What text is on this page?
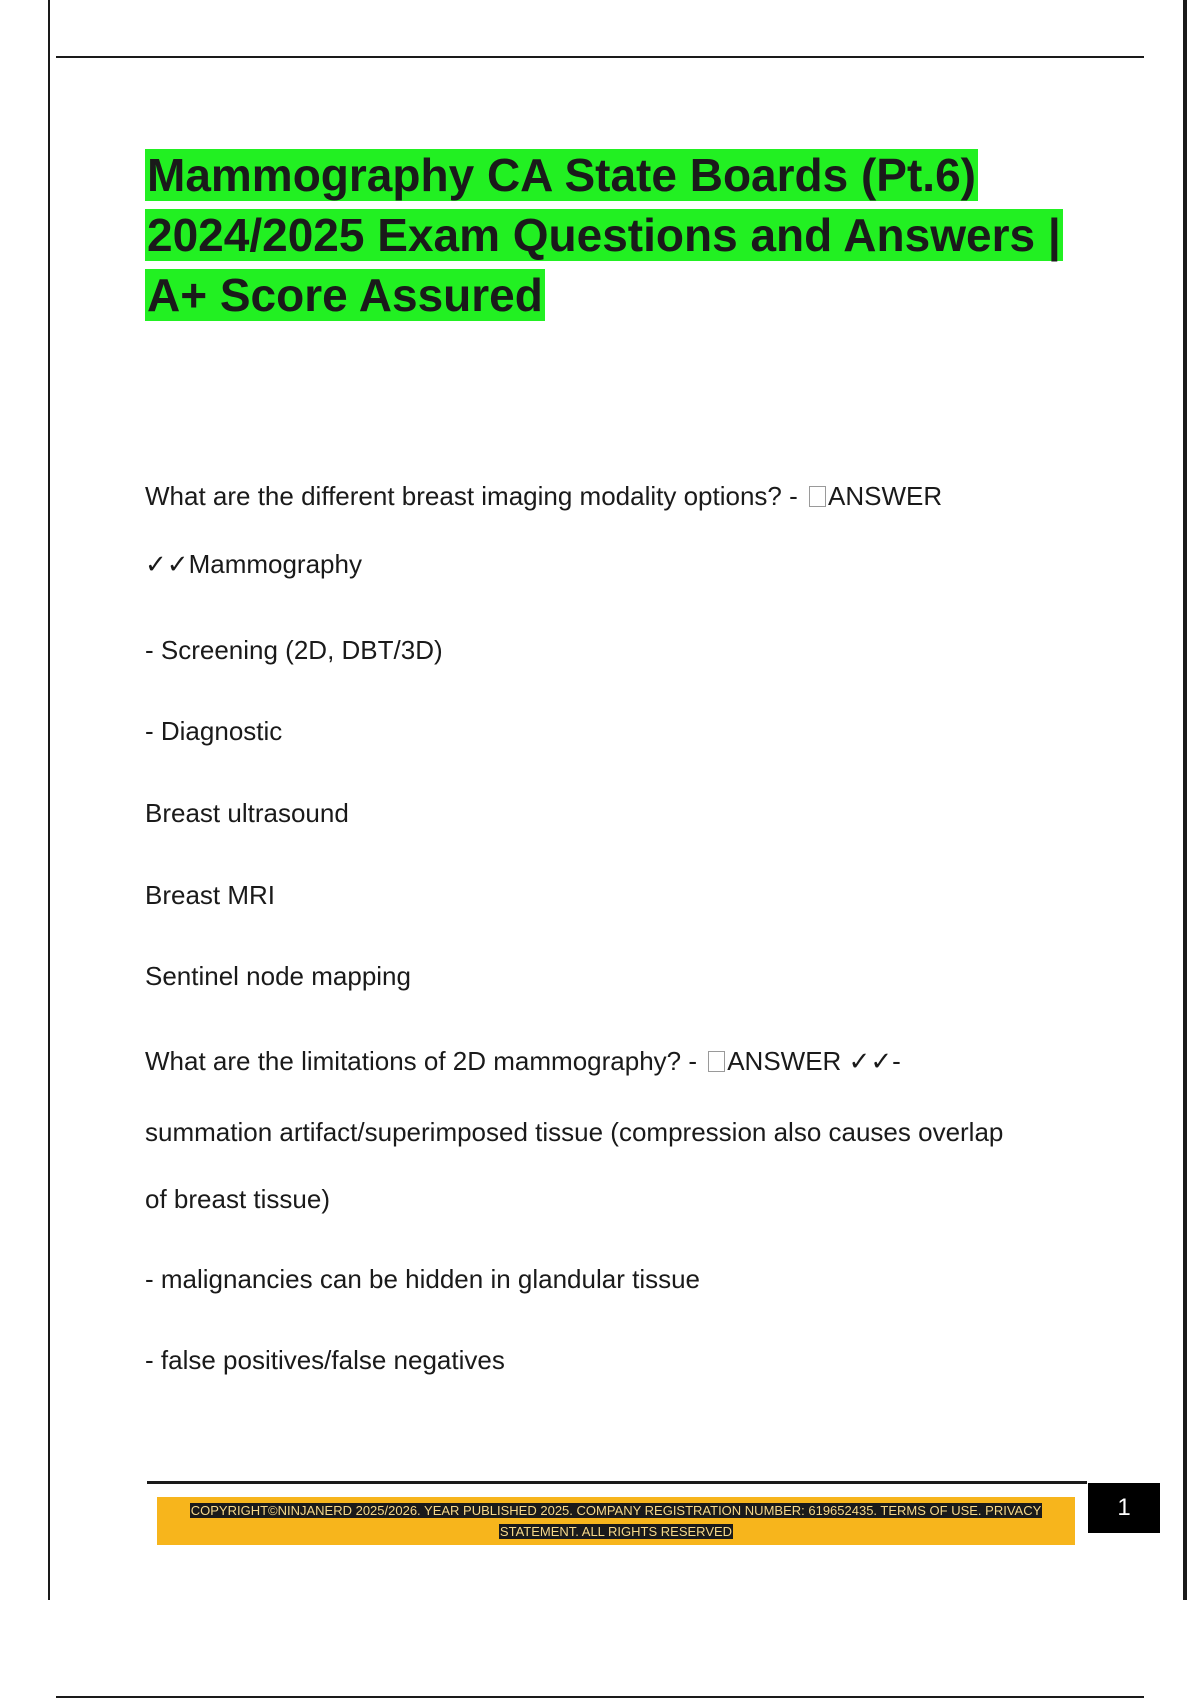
Mammography CA State Boards (Pt.6) 2024/2025 Exam Questions and Answers | A+ Score Assured
What are the different breast imaging modality options? - ANSWER
✓✓Mammography
- Screening (2D, DBT/3D)
- Diagnostic
Breast ultrasound
Breast MRI
Sentinel node mapping
What are the limitations of 2D mammography? - ANSWER ✓✓-
summation artifact/superimposed tissue (compression also causes overlap
of breast tissue)
- malignancies can be hidden in glandular tissue
- false positives/false negatives

COPYRIGHT©NINJANERD 2025/2026. YEAR PUBLISHED 2025. COMPANY REGISTRATION NUMBER: 619652435. TERMS OF USE. PRIVACY STATEMENT. ALL RIGHTS RESERVED

1
